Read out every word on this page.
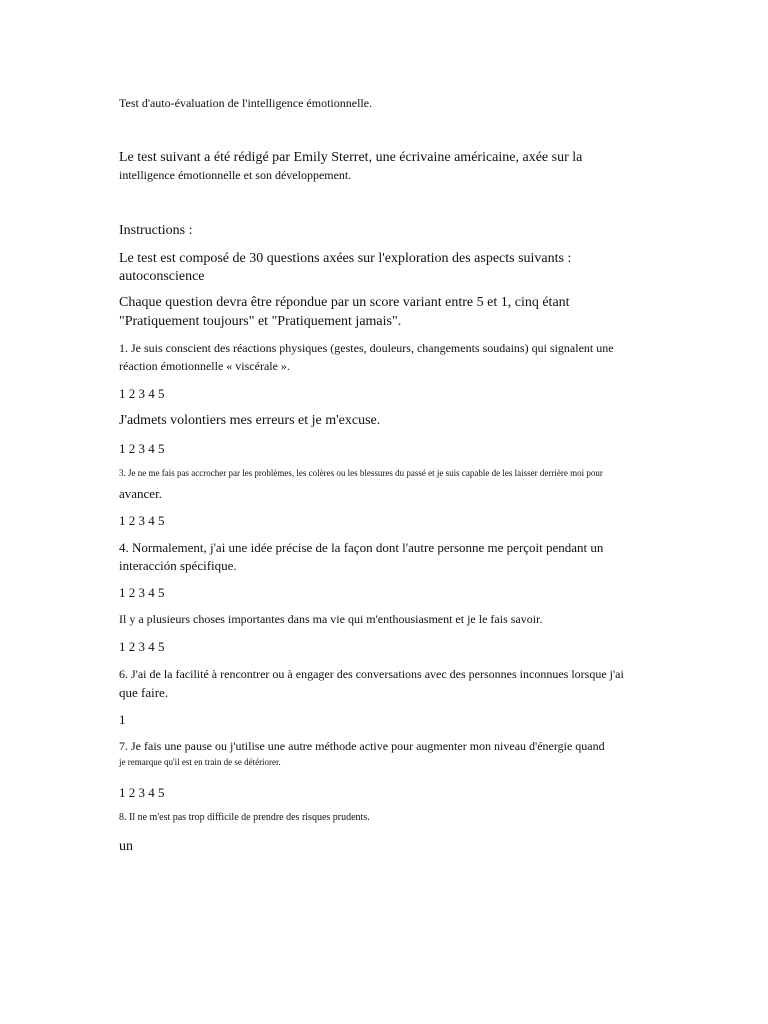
Test d'auto-évaluation de l'intelligence émotionnelle.

Le test suivant a été rédigé par Emily Sterret, une écrivaine américaine, axée sur la

intelligence émotionnelle et son développement.

Instructions :

Le test est composé de 30 questions axées sur l'exploration des aspects suivants :

autoconscience

Chaque question devra être répondue par un score variant entre 5 et 1, cinq étant

"Pratiquement toujours" et "Pratiquement jamais".

1. Je suis conscient des réactions physiques (gestes, douleurs, changements soudains) qui signalent une

réaction émotionnelle « viscérale ».

1 2 3 4 5

J'admets volontiers mes erreurs et je m'excuse.

1 2 3 4 5

3. Je ne me fais pas accrocher par les problèmes, les colères ou les blessures du passé et je suis capable de les laisser derrière moi pour

avancer.

1 2 3 4 5

4. Normalement, j'ai une idée précise de la façon dont l'autre personne me perçoit pendant un

interacción spécifique.

1 2 3 4 5

Il y a plusieurs choses importantes dans ma vie qui m'enthousiasment et je le fais savoir.

1 2 3 4 5

6. J'ai de la facilité à rencontrer ou à engager des conversations avec des personnes inconnues lorsque j'ai

que faire.

1

7. Je fais une pause ou j'utilise une autre méthode active pour augmenter mon niveau d'énergie quand

je remarque qu'il est en train de se détériorer.

1 2 3 4 5

8. Il ne m'est pas trop difficile de prendre des risques prudents.

un
